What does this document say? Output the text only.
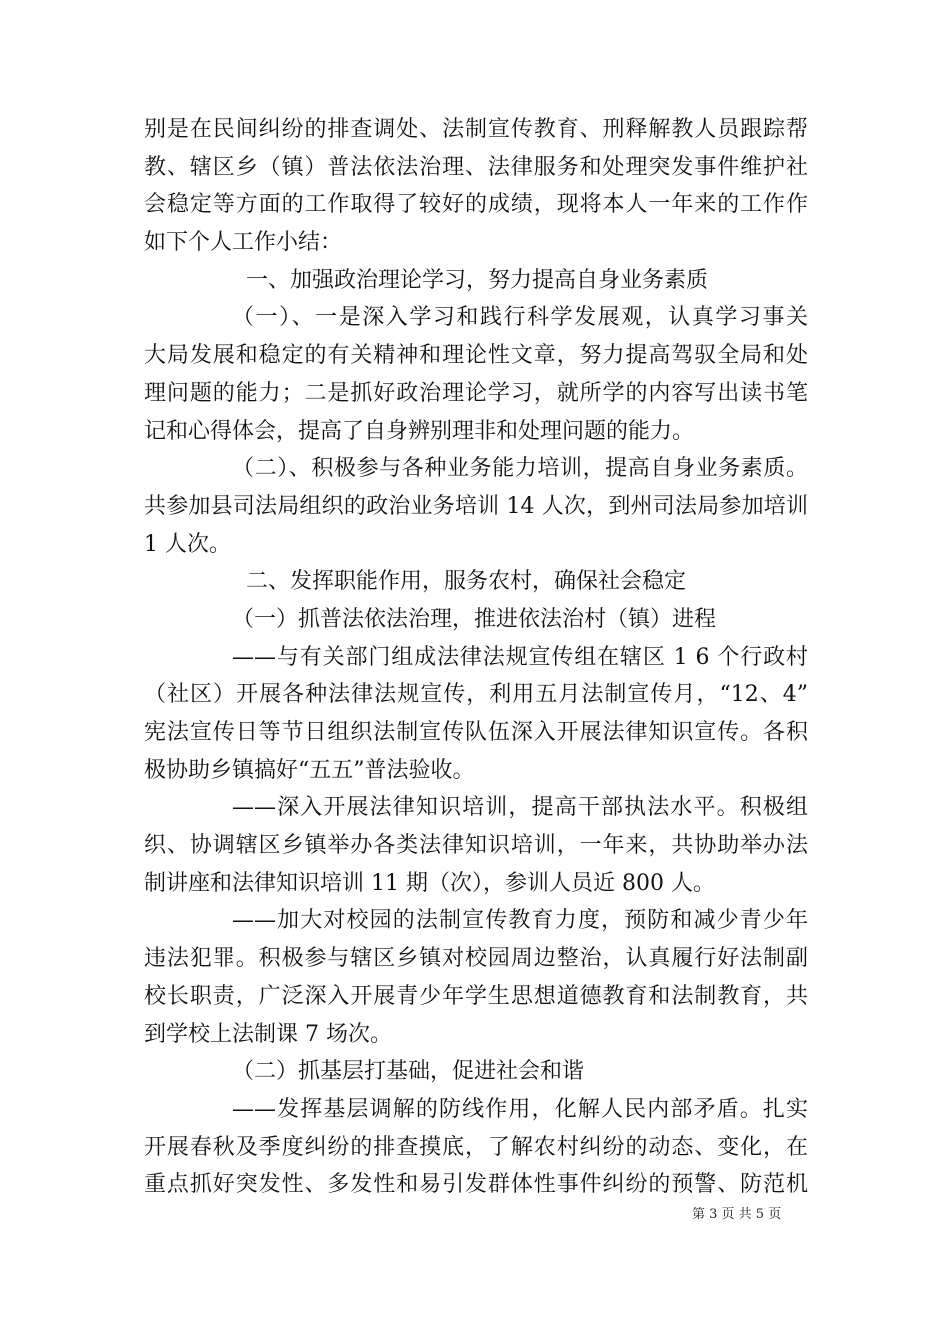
别是在民间纠纷的排查调处、法制宣传教育、刑释解教人员跟踪帮
教、辖区乡（镇）普法依法治理、法律服务和处理突发事件维护社
会稳定等方面的工作取得了较好的成绩，现将本人一年来的工作作
如下个人工作小结：
一、加强政治理论学习，努力提高自身业务素质
（一）、一是深入学习和践行科学发展观，认真学习事关
大局发展和稳定的有关精神和理论性文章，努力提高驾驭全局和处
理问题的能力；二是抓好政治理论学习，就所学的内容写出读书笔
记和心得体会，提高了自身辨别理非和处理问题的能力。
（二）、积极参与各种业务能力培训，提高自身业务素质。
共参加县司法局组织的政治业务培训 14 人次，到州司法局参加培训
1 人次。
二、发挥职能作用，服务农村，确保社会稳定
（一）抓普法依法治理，推进依法治村（镇）进程
——与有关部门组成法律法规宣传组在辖区 1 6 个行政村
（社区）开展各种法律法规宣传，利用五月法制宣传月，“12、4”
宪法宣传日等节日组织法制宣传队伍深入开展法律知识宣传。各积
极协助乡镇搞好“五五”普法验收。
——深入开展法律知识培训，提高干部执法水平。积极组
织、协调辖区乡镇举办各类法律知识培训，一年来，共协助举办法
制讲座和法律知识培训 11 期（次），参训人员近 800 人。
——加大对校园的法制宣传教育力度，预防和减少青少年
违法犯罪。积极参与辖区乡镇对校园周边整治，认真履行好法制副
校长职责，广泛深入开展青少年学生思想道德教育和法制教育，共
到学校上法制课 7 场次。
（二）抓基层打基础，促进社会和谐
——发挥基层调解的防线作用，化解人民内部矛盾。扎实
开展春秋及季度纠纷的排查摸底，了解农村纠纷的动态、变化，在
重点抓好突发性、多发性和易引发群体性事件纠纷的预警、防范机
第 3 页 共 5 页
